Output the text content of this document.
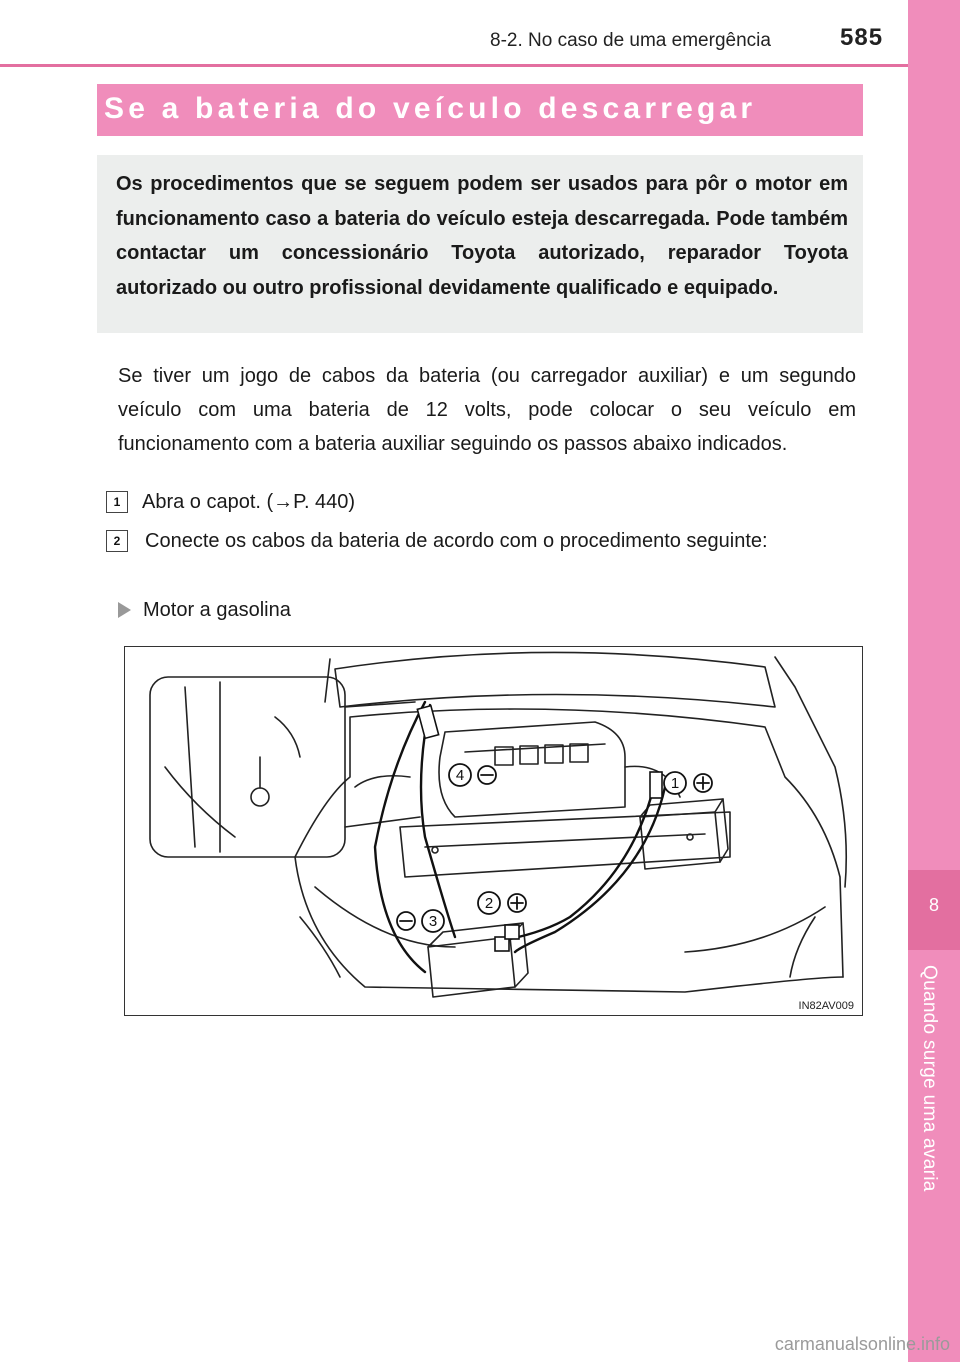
8-2. No caso de uma emergência	585
8
Quando surge uma avaria
Se a bateria do veículo descarregar
Os procedimentos que se seguem podem ser usados para pôr o motor em funcionamento caso a bateria do veículo esteja descarregada. Pode também contactar um concessionário Toyota autorizado, reparador Toyota autorizado ou outro profissional devidamente qualificado e equipado.
Se tiver um jogo de cabos da bateria (ou carregador auxiliar) e um segundo veículo com uma bateria de 12 volts, pode colocar o seu veículo em funcionamento com a bateria auxiliar seguindo os passos abaixo indicados.
1	Abra o capot. (→P. 440)
2	Conecte os cabos da bateria de acordo com o procedimento seguinte:
Motor a gasolina
4	1
2
3
IN82AV009
carmanualsonline.info
